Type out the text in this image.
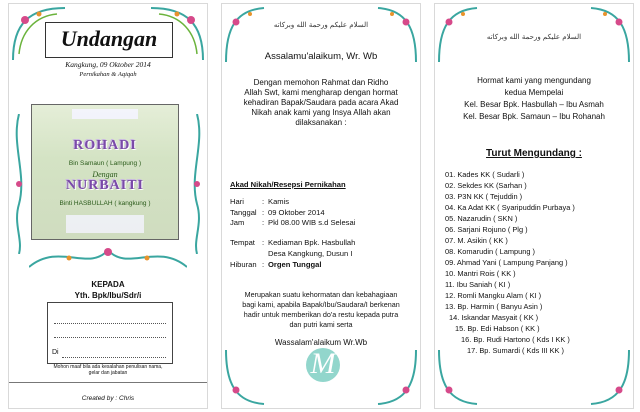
Undangan
Kangkung, 09 Oktober 2014
Pernikahan & Aqiqah
ROHADI
Bin Samaun ( Lampung )
Dengan
NURBAITI
Binti HASBULLAH ( kangkung )
KEPADA
Yth. Bpk/Ibu/Sdr/i
Di
Mohon maaf bila ada kesalahan penulisan nama, gelar dan jabatan
Created by : Chris
السلام عليكم ورحمة الله وبركاته
Assalamu'alaikum, Wr. Wb
Dengan memohon Rahmat dan Ridho
Allah Swt, kami mengharap dengan hormat
kehadiran Bapak/Saudara pada acara Akad
Nikah anak kami yang Insya Allah akan
dilaksanakan :
Akad Nikah/Resepsi Pernikahan
Hari : Kamis
Tanggal : 09 Oktober 2014
Jam : Pkl 08.00 WIB s.d Selesai
Tempat : Kediaman Bpk. Hasbullah
Desa Kangkung, Dusun I
Hiburan : Orgen Tunggal
Merupakan suatu kehormatan dan kebahagiaan
bagi kami, apabila Bapak/Ibu/Saudara/I berkenan
hadir untuk memberikan do'a restu kepada putra
dan putri kami serta
Wassalam'alaikum Wr.Wb
M
السلام عليكم ورحمة الله وبركاته
Hormat kami yang mengundang
kedua Mempelai
Kel. Besar Bpk. Hasbullah – Ibu Asmah
Kel. Besar Bpk. Samaun – Ibu Rohanah
Turut Mengundang :
01. Kades KK ( Sudarli )
02. Sekdes KK (Sarhan )
03. P3N KK ( Tejuddin )
04. Ka Adat KK ( Syaripuddin Purbaya )
05. Nazarudin ( SKN )
06. Sarjani Rojuno ( Plg )
07. M. Asikin ( KK )
08. Komarudin ( Lampung )
09. Ahmad Yani ( Lampung Panjang )
10. Mantri Rois ( KK )
11. Ibu Saniah ( KI )
12. Romli Mangku Alam ( KI )
13. Bp. Harmin ( Banyu Asin )
14. Iskandar Masyait ( KK )
15. Bp. Edi Habson ( KK )
16. Bp. Rudi Hartono ( Kds I KK )
17. Bp. Sumardi ( Kds III KK )
